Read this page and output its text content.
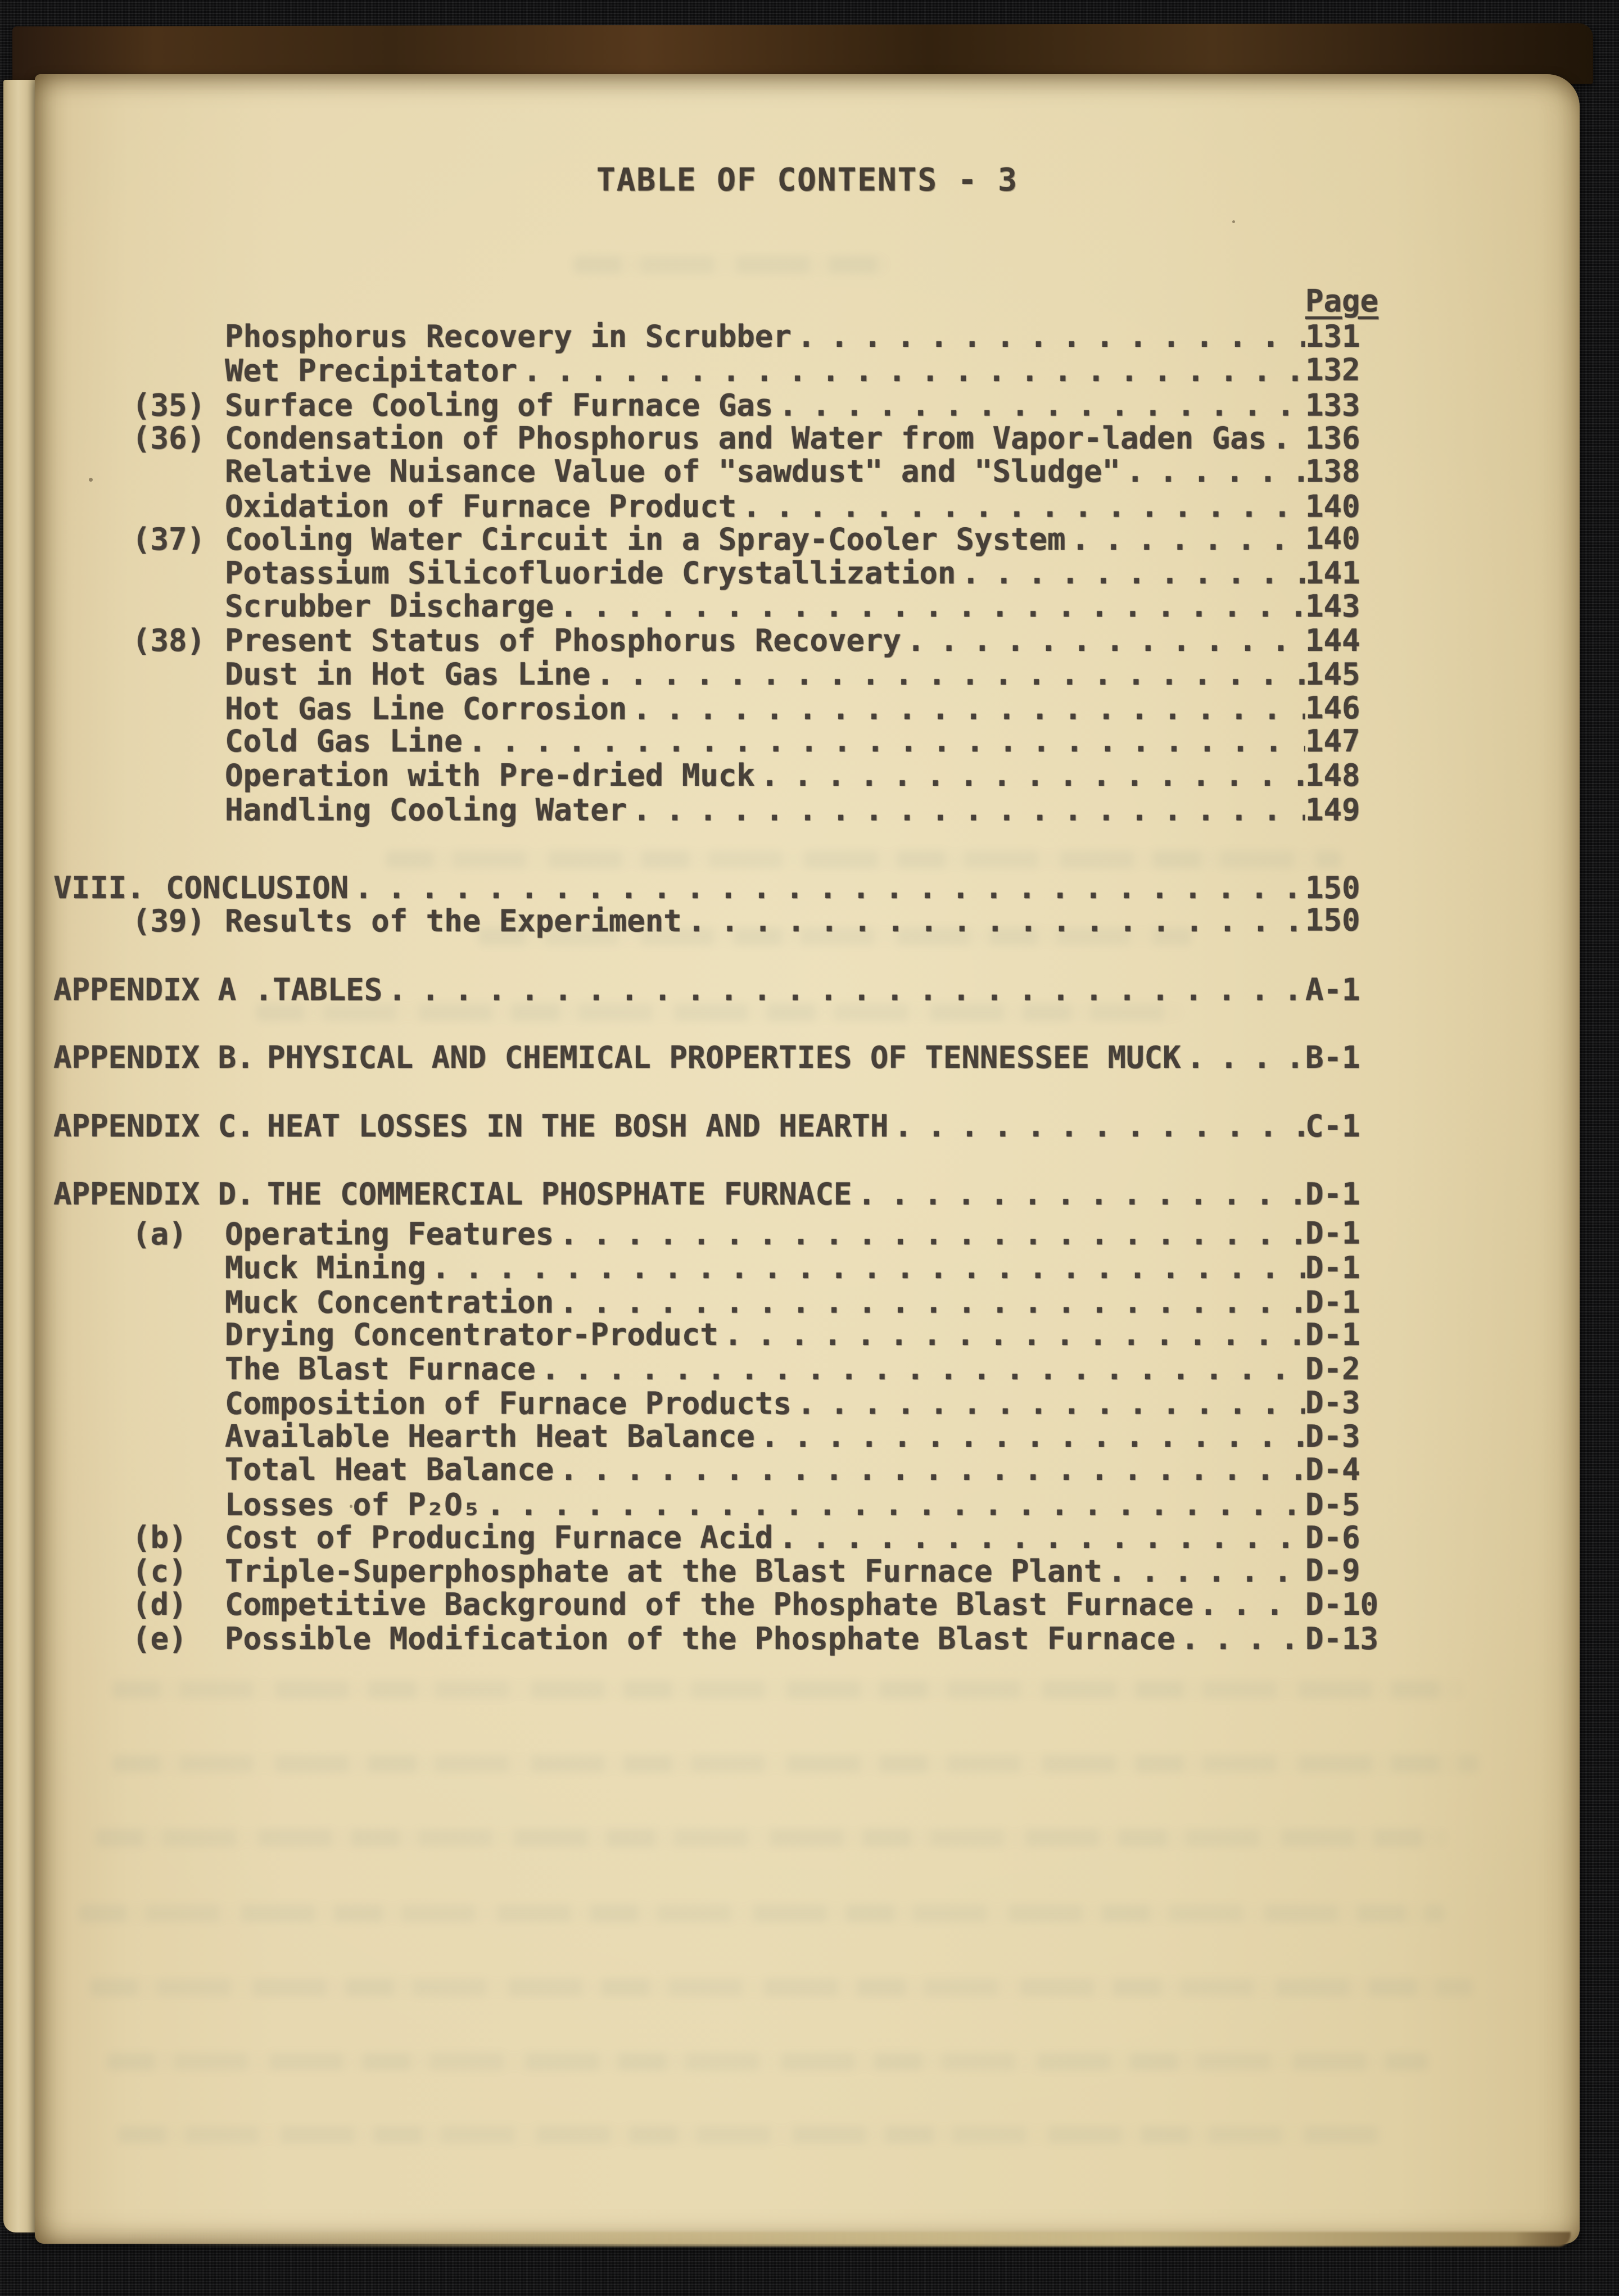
TABLE OF CONTENTS - 3
Page
Phosphorus Recovery in Scrubber . . .	131
Wet Precipitator . . .	132
(35) Surface Cooling of Furnace Gas . . .	133
(36) Condensation of Phosphorus and Water from Vapor-laden Gas . . . 136
Relative Nuisance Value of "sawdust" and "Sludge" . . .	138
Oxidation of Furnace Product . . .	140
(37) Cooling Water Circuit in a Spray-Cooler System . . .	140
Potassium Silicofluoride Crystallization . . .	141
Scrubber Discharge . . .	143
(38) Present Status of Phosphorus Recovery . . .	144
Dust in Hot Gas Line . . .	145
Hot Gas Line Corrosion . . .	146
Cold Gas Line . . .	147
Operation with Pre-dried Muck . . .	148
Handling Cooling Water . . .	149
VIII. CONCLUSION . . .	150
(39) Results of the Experiment . . .	150
APPENDIX A . TABLES . . .	A-1
APPENDIX B. PHYSICAL AND CHEMICAL PROPERTIES OF TENNESSEE MUCK . . .	B-1
APPENDIX C. HEAT LOSSES IN THE BOSH AND HEARTH . . .	C-1
APPENDIX D. THE COMMERCIAL PHOSPHATE FURNACE . . .	D-1
(a)	Operating Features . . .	D-1
Muck Mining . . .	D-1
Muck Concentration . . .	D-1
Drying Concentrator-Product . . .	D-1
The Blast Furnace . . .	D-2
Composition of Furnace Products . . .	D-3
Available Hearth Heat Balance . . .	D-3
Total Heat Balance . . .	D-4
Losses of P₂O₅ . . .	D-5
(b)	Cost of Producing Furnace Acid . . .	D-6
(c)	Triple-Superphosphate at the Blast Furnace Plant . . .	D-9
(d)	Competitive Background of the Phosphate Blast Furnace . . .	D-10
(e)	Possible Modification of the Phosphate Blast Furnace . . .	D-13
